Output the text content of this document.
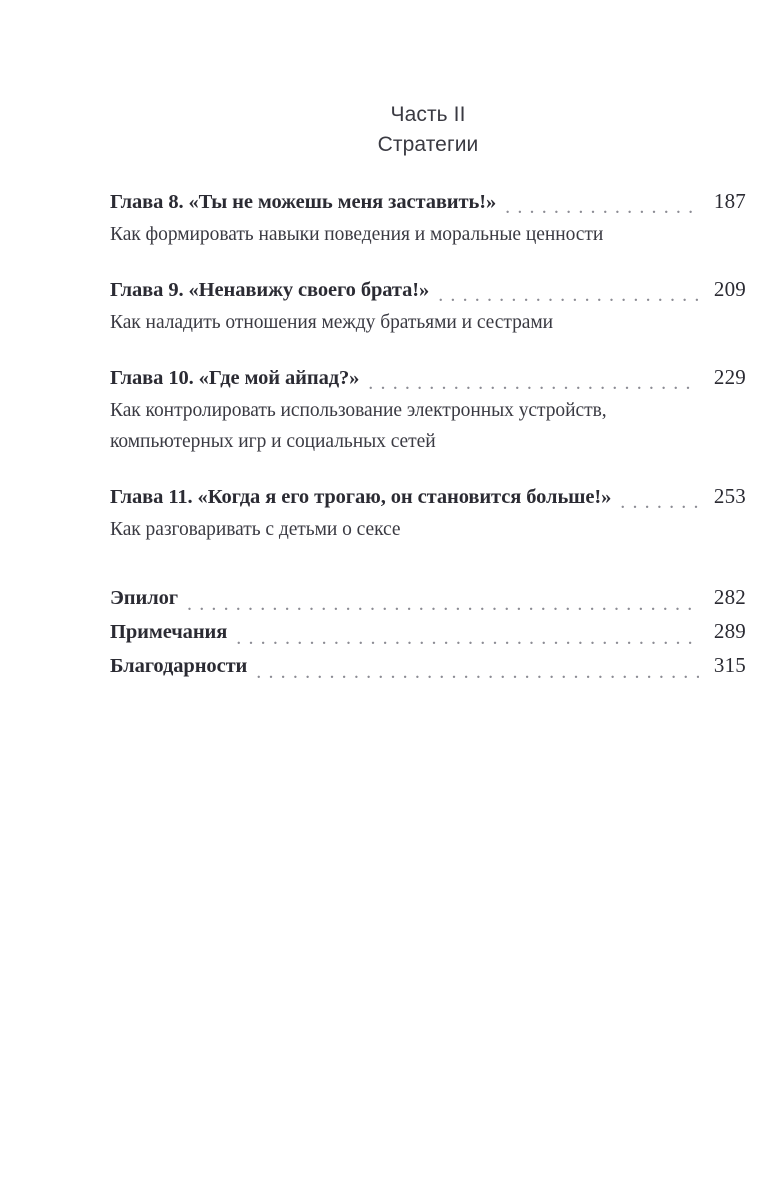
Часть II
Стратегии
Глава 8. «Ты не можешь меня заставить!» .....	187
Как формировать навыки поведения и моральные ценности
Глава 9. «Ненавижу своего брата!» .....	209
Как наладить отношения между братьями и сестрами
Глава 10. «Где мой айпад?» .....	229
Как контролировать использование электронных устройств,
компьютерных игр и социальных сетей
Глава 11. «Когда я его трогаю, он становится больше!» .....	253
Как разговаривать с детьми о сексе
Эпилог .....	282
Примечания .....	289
Благодарности .....	315
